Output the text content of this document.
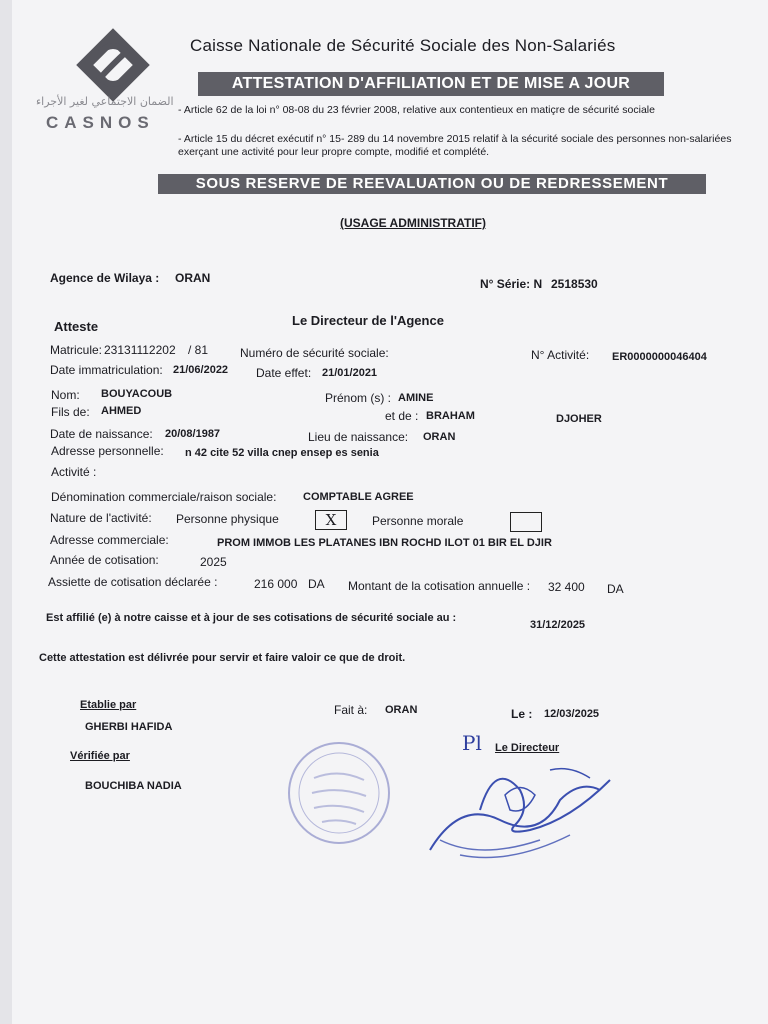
الضمان الاجتماعي لغير الأجراء
CASNOS
Caisse Nationale de Sécurité Sociale des Non-Salariés
ATTESTATION D'AFFILIATION ET DE MISE A JOUR
- Article 62 de la loi n° 08-08 du 23 février 2008, relative aux contentieux en matiçre de sécurité sociale
- Article 15 du décret exécutif n° 15- 289 du 14 novembre 2015 relatif à la sécurité sociale des personnes non-salariées exerçant une activité pour leur propre compte, modifié et complété.
SOUS RESERVE DE REEVALUATION OU DE REDRESSEMENT
(USAGE ADMINISTRATIF)
Agence de Wilaya : ORAN	N° Série: N 2518530
Le Directeur de l'Agence
Atteste
Matricule: 23131112202 / 81	Numéro de sécurité sociale:	N° Activité: ER0000000046404
Date immatriculation: 21/06/2022 Date effet: 21/01/2021
Nom: BOUYACOUB	Prénom (s) : AMINE
Fils de: AHMED	et de : BRAHAM	DJOHER
Date de naissance: 20/08/1987	Lieu de naissance: ORAN
Adresse personnelle: n 42 cite 52 villa cnep ensep es senia
Activité :
Dénomination commerciale/raison sociale: COMPTABLE AGREE
Nature de l'activité: Personne physique	X	Personne morale
Adresse commerciale:	PROM IMMOB LES PLATANES IBN ROCHD ILOT 01 BIR EL DJIR
Année de cotisation:	2025
Assiette de cotisation déclarée :	216 000 DA Montant de la cotisation annuelle : 32 400 DA
Est affilié (e) à notre caisse et à jour de ses cotisations de sécurité sociale au :
31/12/2025
Cette attestation est délivrée pour servir et faire valoir ce que de droit.
Etablie par
GHERBI HAFIDA
Vérifiée par
BOUCHIBA NADIA
Fait à: ORAN	Le : 12/03/2025
Pl Le Directeur
